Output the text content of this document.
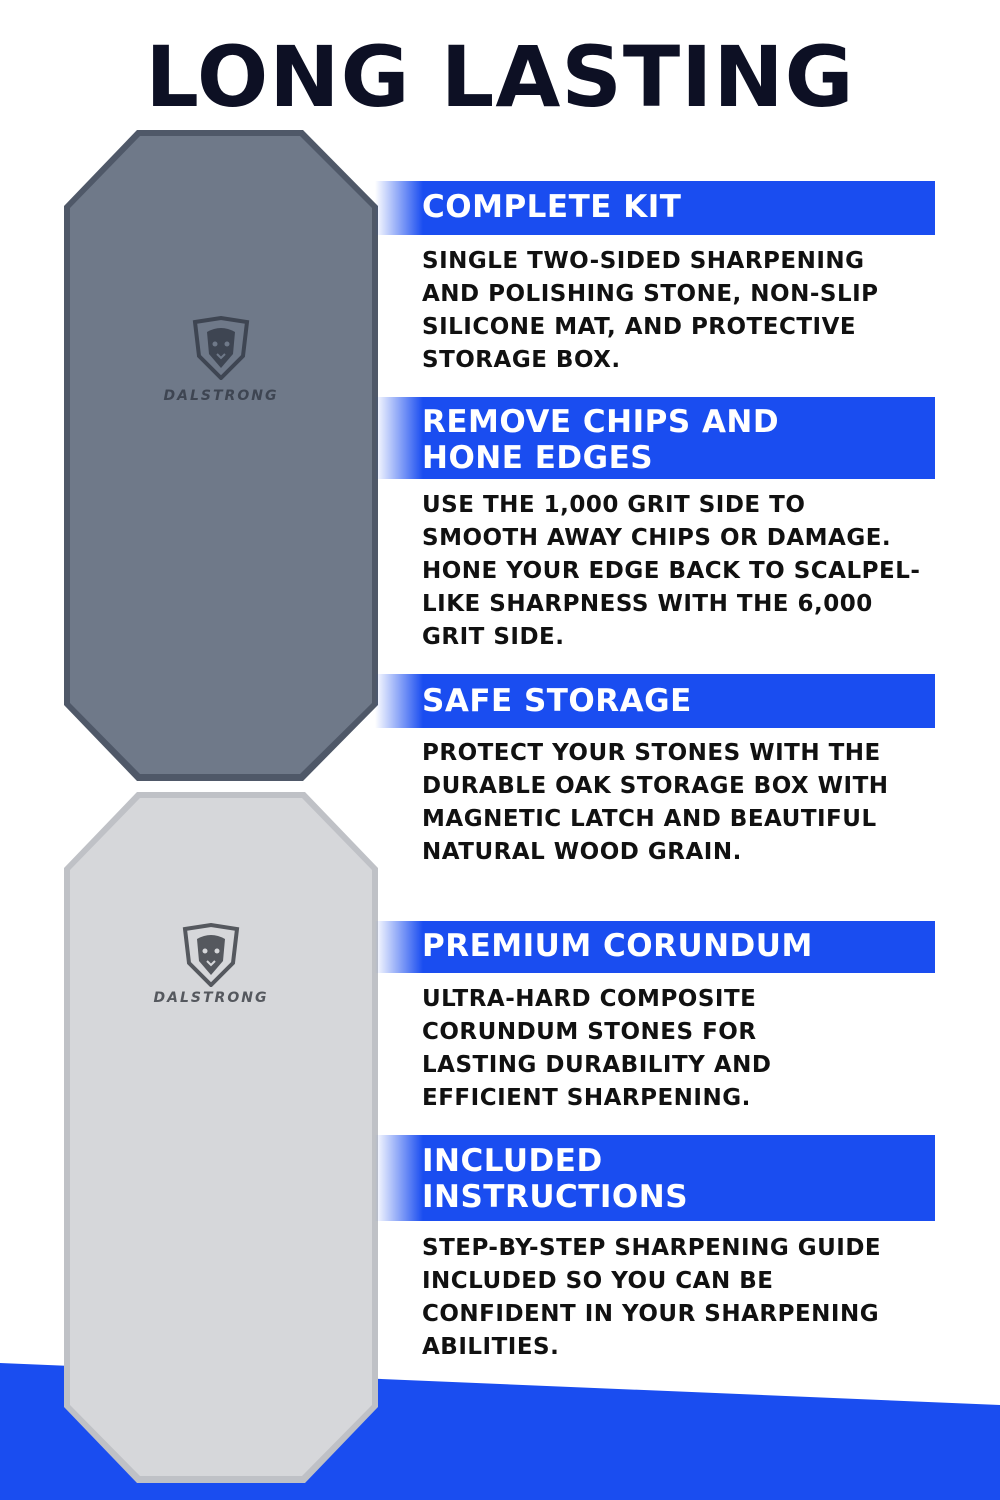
LONG LASTING
DALSTRONG
DALSTRONG
COMPLETE KIT

SINGLE TWO-SIDED SHARPENING AND POLISHING STONE, NON-SLIP SILICONE MAT, AND PROTECTIVE STORAGE BOX.

REMOVE CHIPS AND HONE EDGES

USE THE 1,000 GRIT SIDE TO SMOOTH AWAY CHIPS OR DAMAGE. HONE YOUR EDGE BACK TO SCALPEL-LIKE SHARPNESS WITH THE 6,000 GRIT SIDE.

SAFE STORAGE

PROTECT YOUR STONES WITH THE DURABLE OAK STORAGE BOX WITH MAGNETIC LATCH AND BEAUTIFUL NATURAL WOOD GRAIN.

PREMIUM CORUNDUM

ULTRA-HARD COMPOSITE CORUNDUM STONES FOR LASTING DURABILITY AND EFFICIENT SHARPENING.

INCLUDED INSTRUCTIONS

STEP-BY-STEP SHARPENING GUIDE INCLUDED SO YOU CAN BE CONFIDENT IN YOUR SHARPENING ABILITIES.
